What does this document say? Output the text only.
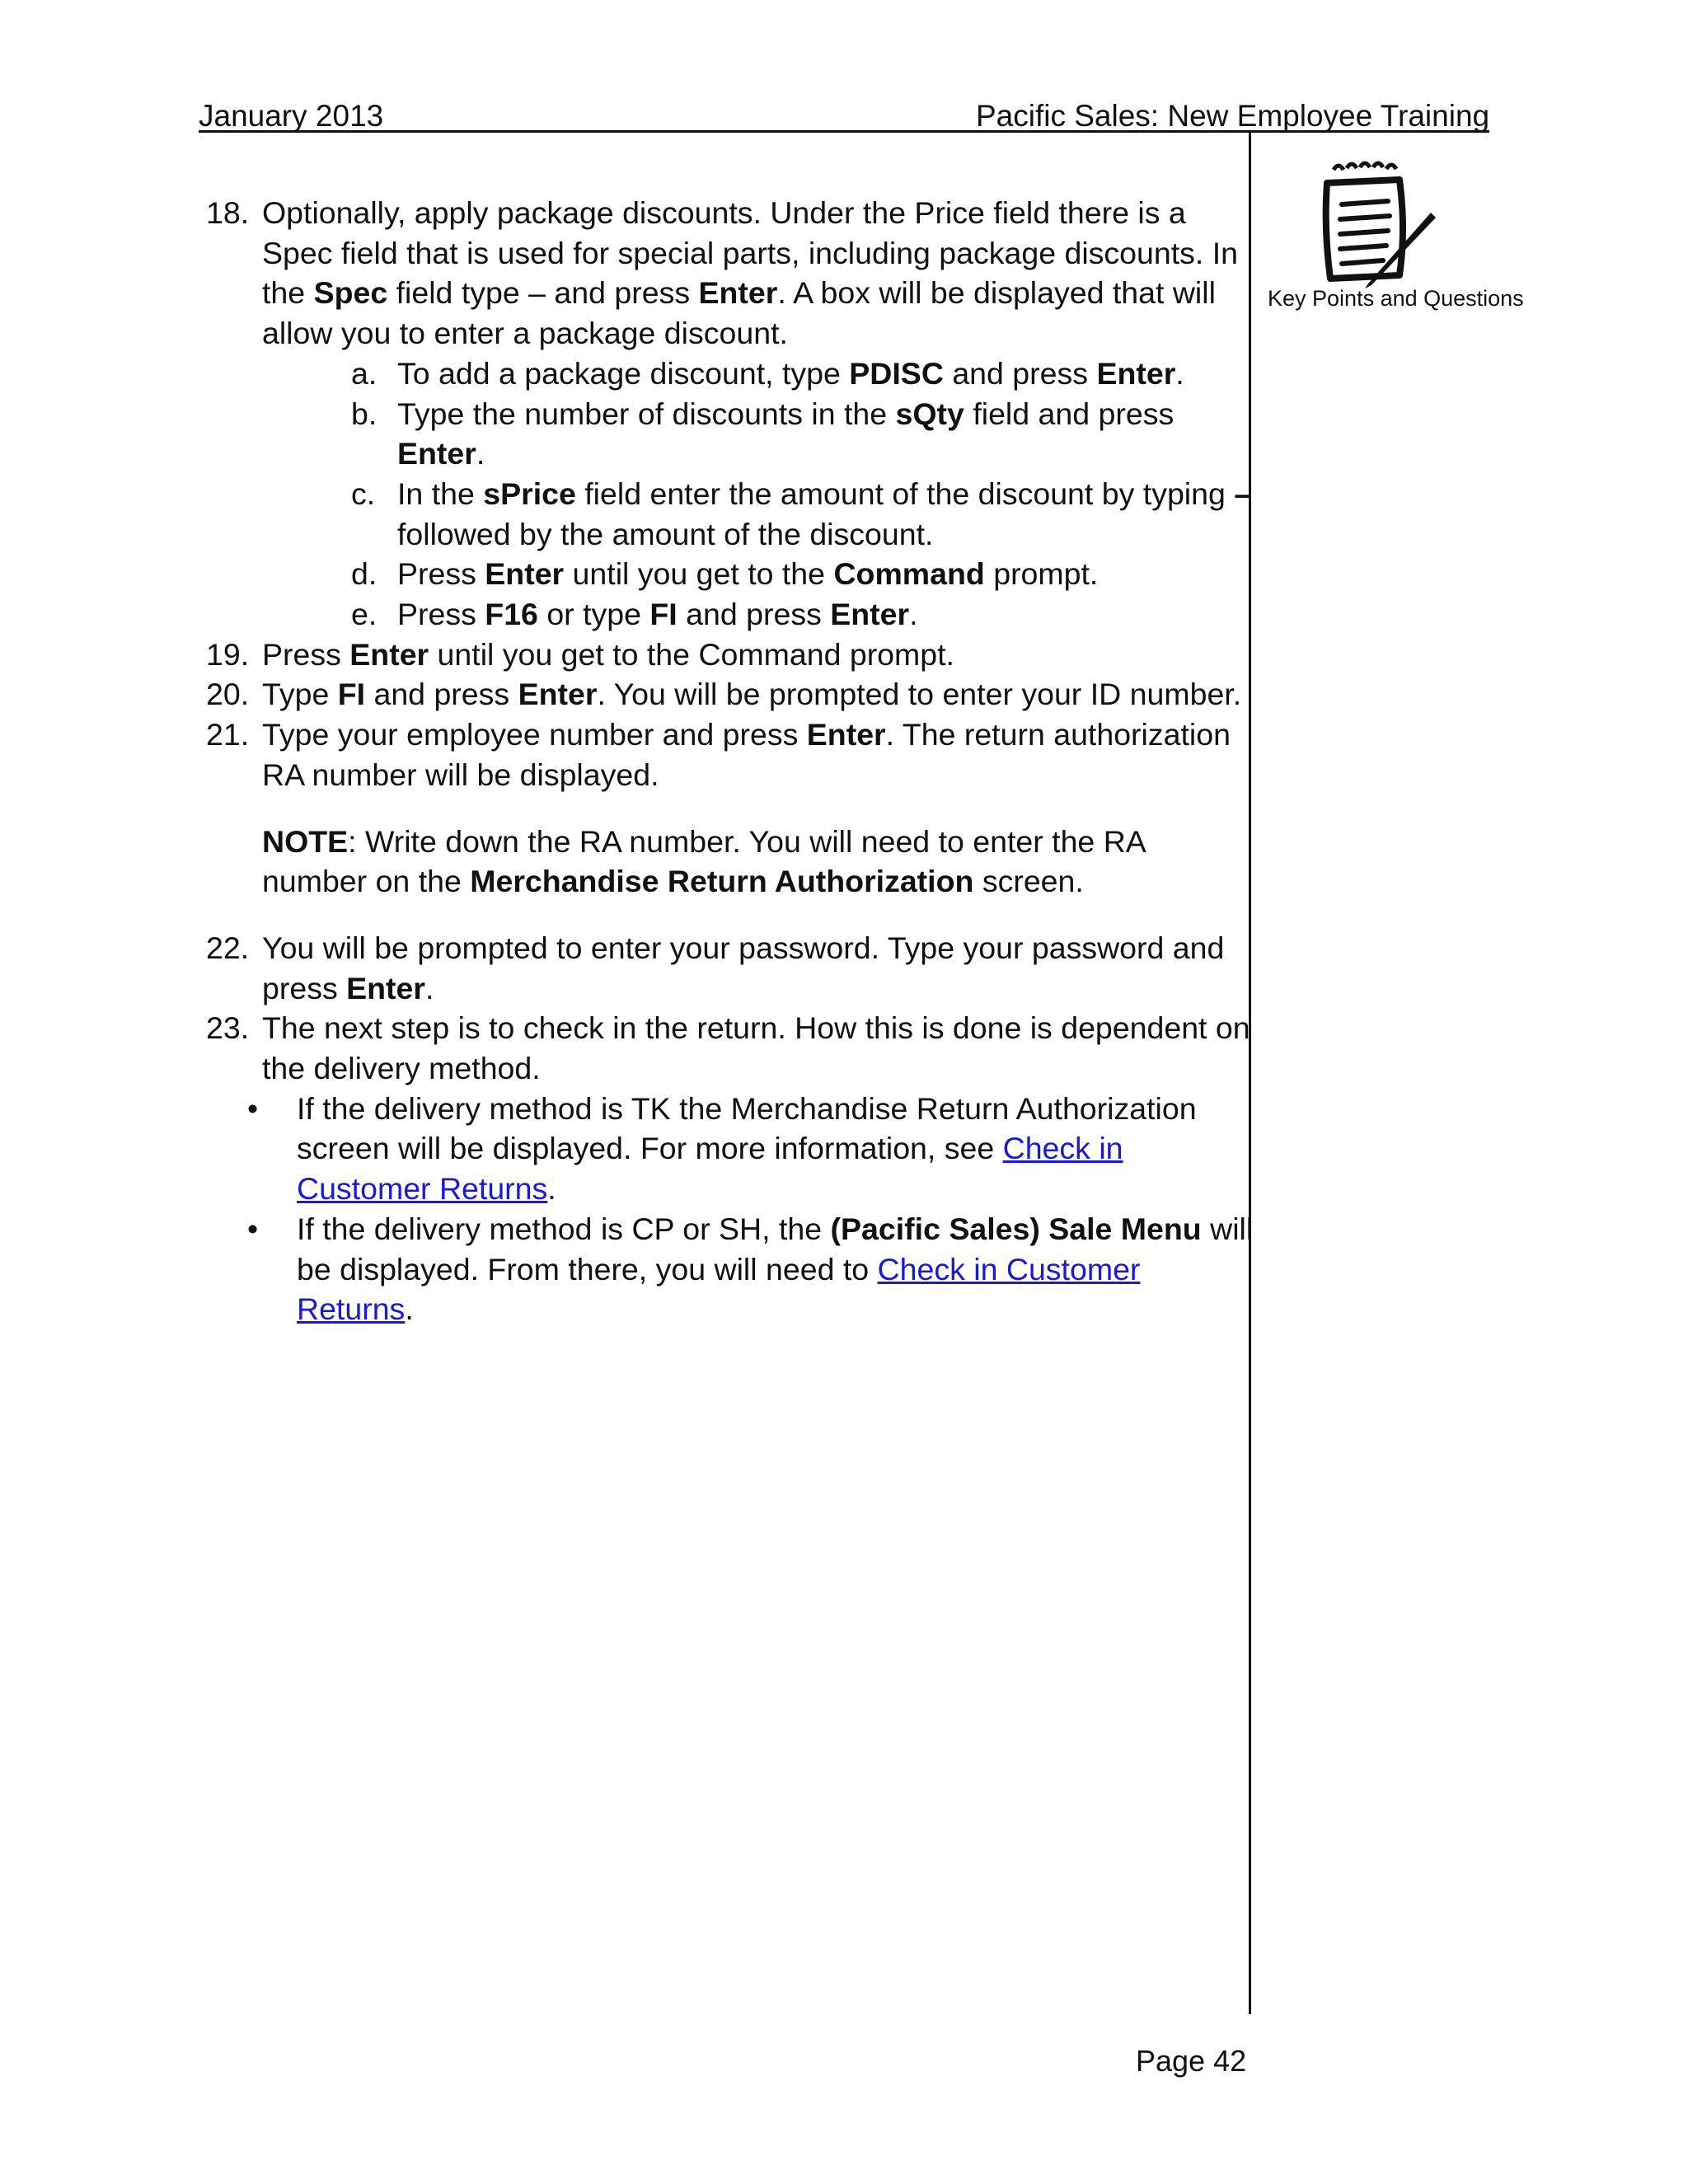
January 2013	Pacific Sales: New Employee Training
Key Points and Questions
18. Optionally, apply package discounts. Under the Price field there is a

Spec field that is used for special parts, including package discounts. In

the Spec field type – and press Enter. A box will be displayed that will

allow you to enter a package discount.

a. To add a package discount, type PDISC and press Enter.

b. Type the number of discounts in the sQty field and press

Enter.

c. In the sPrice field enter the amount of the discount by typing –

followed by the amount of the discount.

d. Press Enter until you get to the Command prompt.

e. Press F16 or type FI and press Enter.

19. Press Enter until you get to the Command prompt.

20. Type FI and press Enter. You will be prompted to enter your ID number.

21. Type your employee number and press Enter. The return authorization

RA number will be displayed.

NOTE: Write down the RA number. You will need to enter the RA

number on the Merchandise Return Authorization screen.

22. You will be prompted to enter your password. Type your password and

press Enter.

23. The next step is to check in the return. How this is done is dependent on

the delivery method.

• If the delivery method is TK the Merchandise Return Authorization

screen will be displayed. For more information, see Check in

Customer Returns.

• If the delivery method is CP or SH, the (Pacific Sales) Sale Menu will

be displayed. From there, you will need to Check in Customer

Returns.

Page 42
